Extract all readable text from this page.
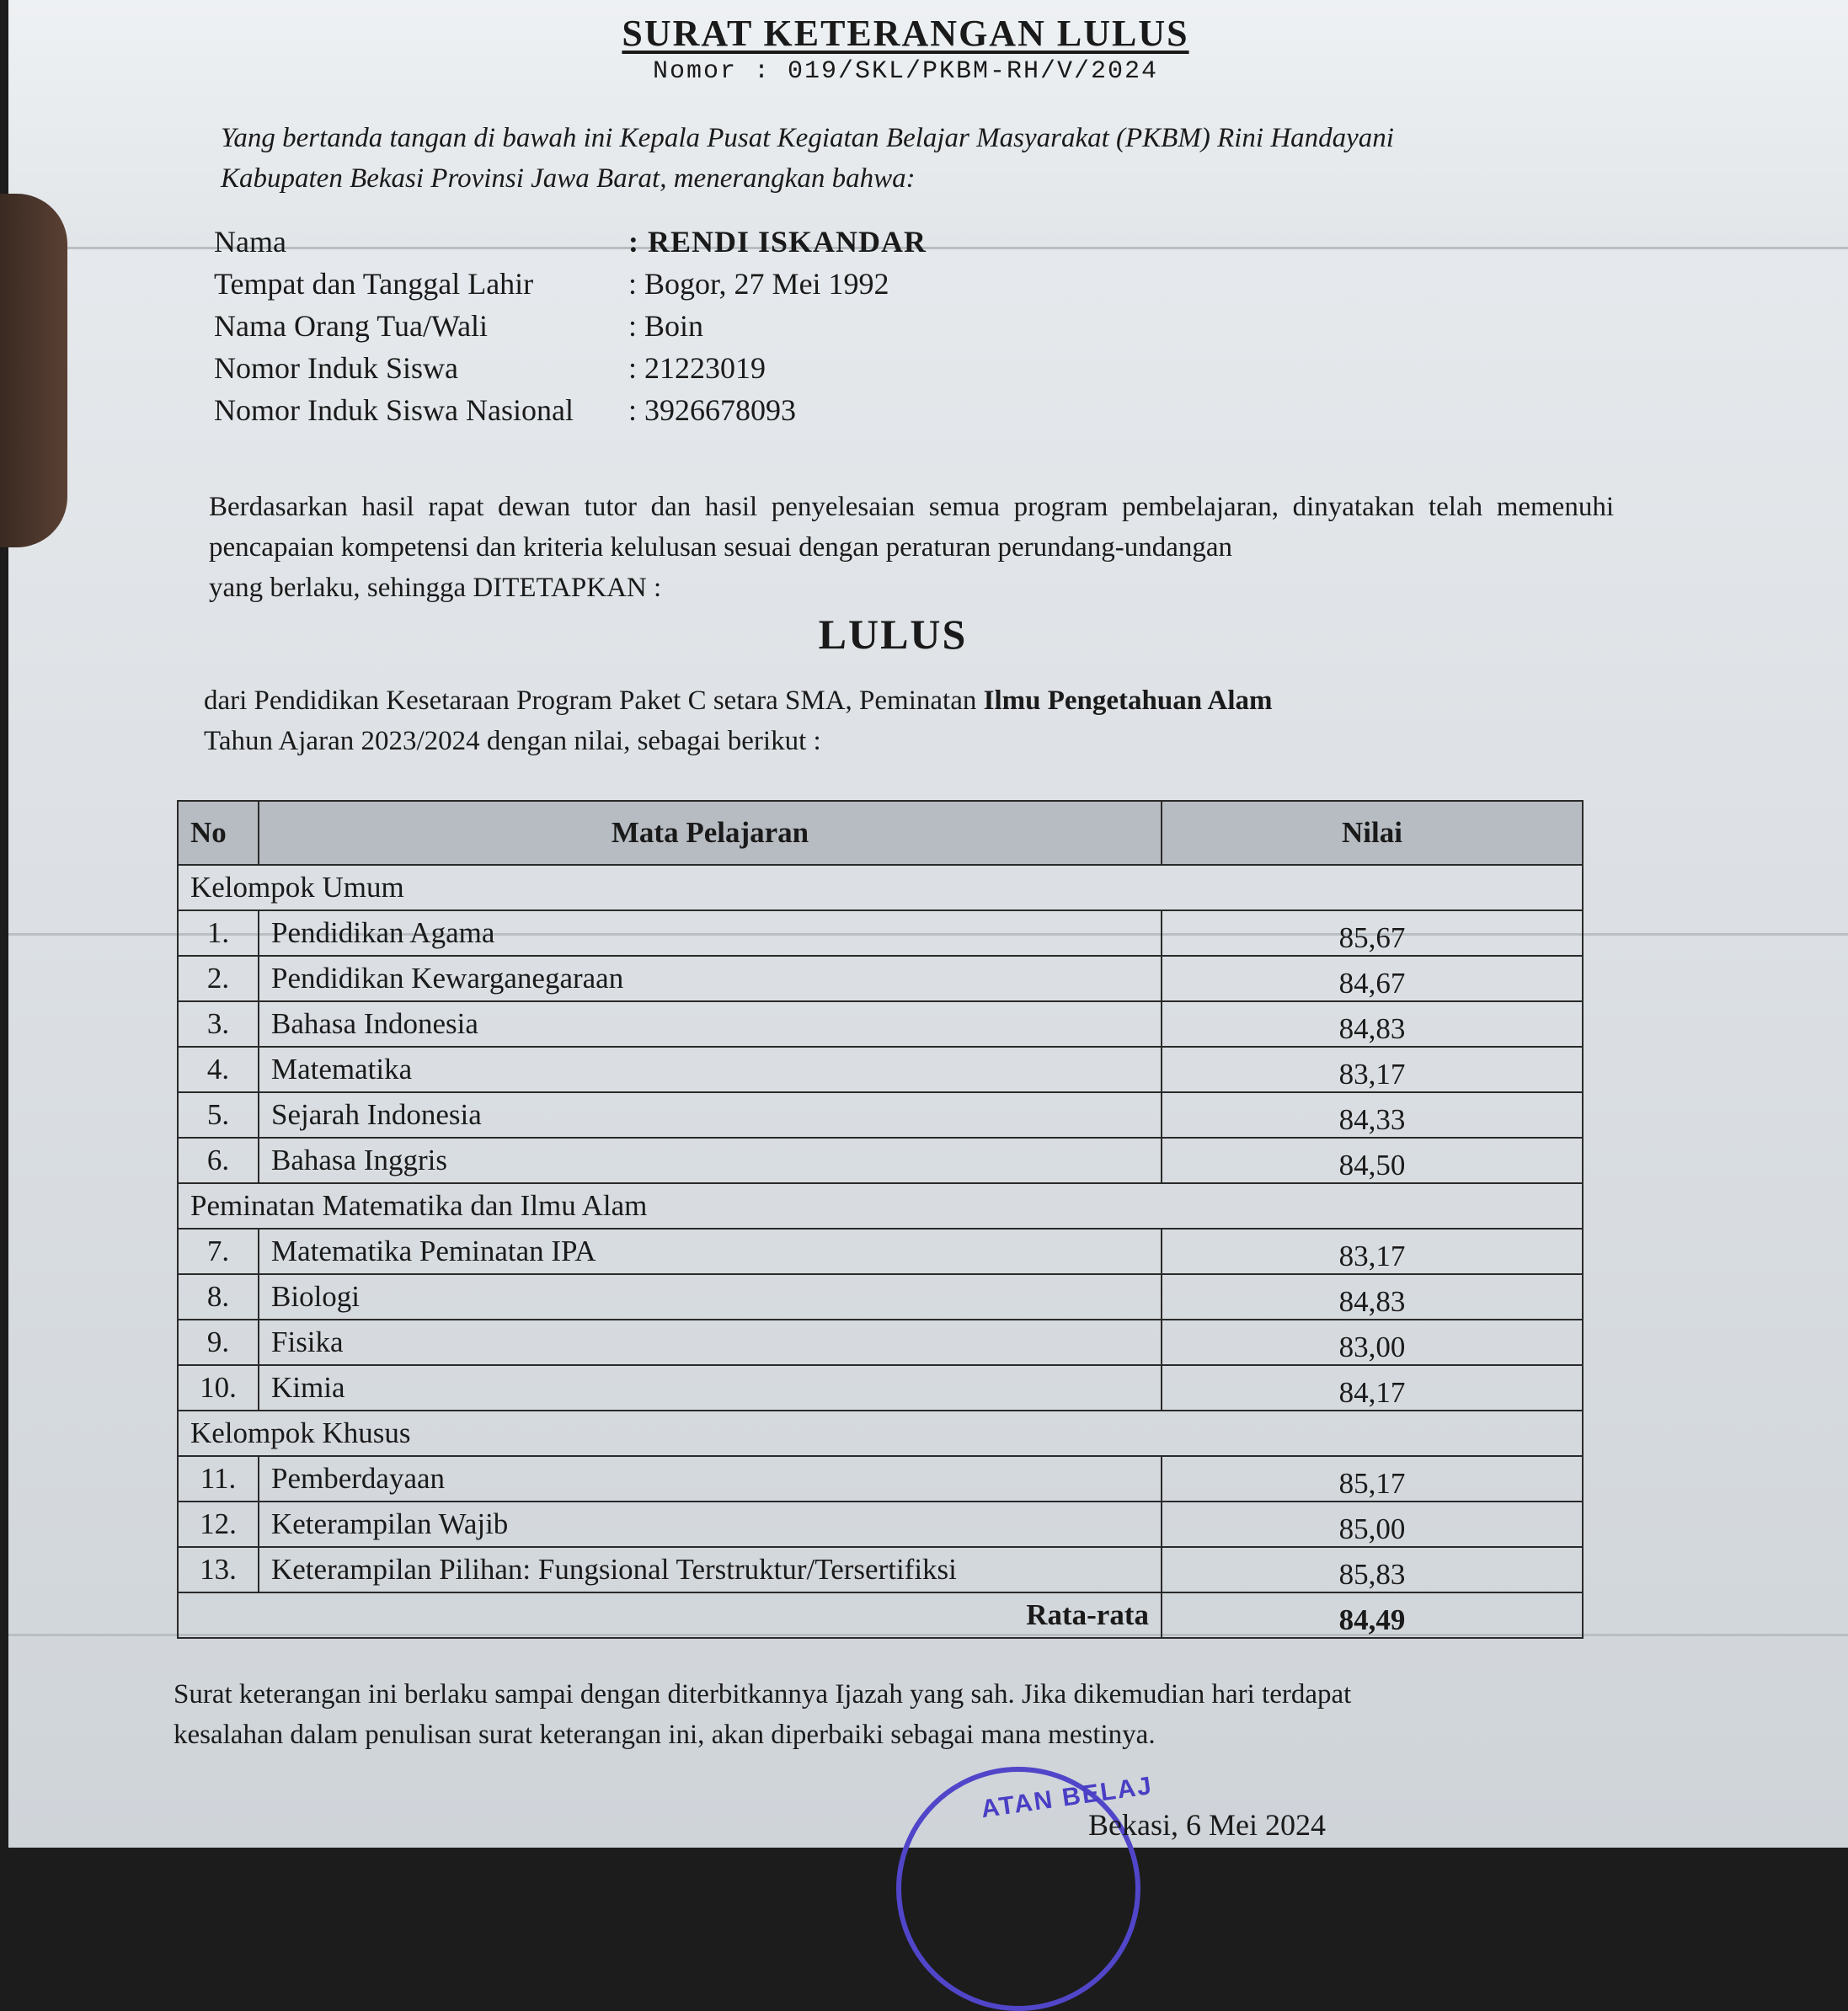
SURAT KETERANGAN LULUS
Nomor : 019/SKL/PKBM-RH/V/2024
Yang bertanda tangan di bawah ini Kepala Pusat Kegiatan Belajar Masyarakat (PKBM) Rini Handayani
Kabupaten Bekasi Provinsi Jawa Barat, menerangkan bahwa:
Nama	: RENDI ISKANDAR
Tempat dan Tanggal Lahir	: Bogor, 27 Mei 1992
Nama Orang Tua/Wali	: Boin
Nomor Induk Siswa	: 21223019
Nomor Induk Siswa Nasional	: 3926678093
Berdasarkan hasil rapat dewan tutor dan hasil penyelesaian semua program pembelajaran, dinyatakan telah memenuhi pencapaian kompetensi dan kriteria kelulusan sesuai dengan peraturan perundang-undangan
yang berlaku, sehingga DITETAPKAN :
LULUS
dari Pendidikan Kesetaraan Program Paket C setara SMA, Peminatan Ilmu Pengetahuan Alam
Tahun Ajaran 2023/2024 dengan nilai, sebagai berikut :
No	Mata Pelajaran	Nilai
Kelompok Umum		
1.	Pendidikan Agama	85,67
2.	Pendidikan Kewarganegaraan	84,67
3.	Bahasa Indonesia	84,83
4.	Matematika	83,17
5.	Sejarah Indonesia	84,33
6.	Bahasa Inggris	84,50
Peminatan Matematika dan Ilmu Alam		
7.	Matematika Peminatan IPA	83,17
8.	Biologi	84,83
9.	Fisika	83,00
10.	Kimia	84,17
Kelompok Khusus		
11.	Pemberdayaan	85,17
12.	Keterampilan Wajib	85,00
13.	Keterampilan Pilihan: Fungsional Terstruktur/Tersertifiksi	85,83
Rata-rata		84,49
Surat keterangan ini berlaku sampai dengan diterbitkannya Ijazah yang sah. Jika dikemudian hari terdapat
kesalahan dalam penulisan surat keterangan ini, akan diperbaiki sebagai mana mestinya.
ATAN BELAJ
Bekasi, 6 Mei 2024
